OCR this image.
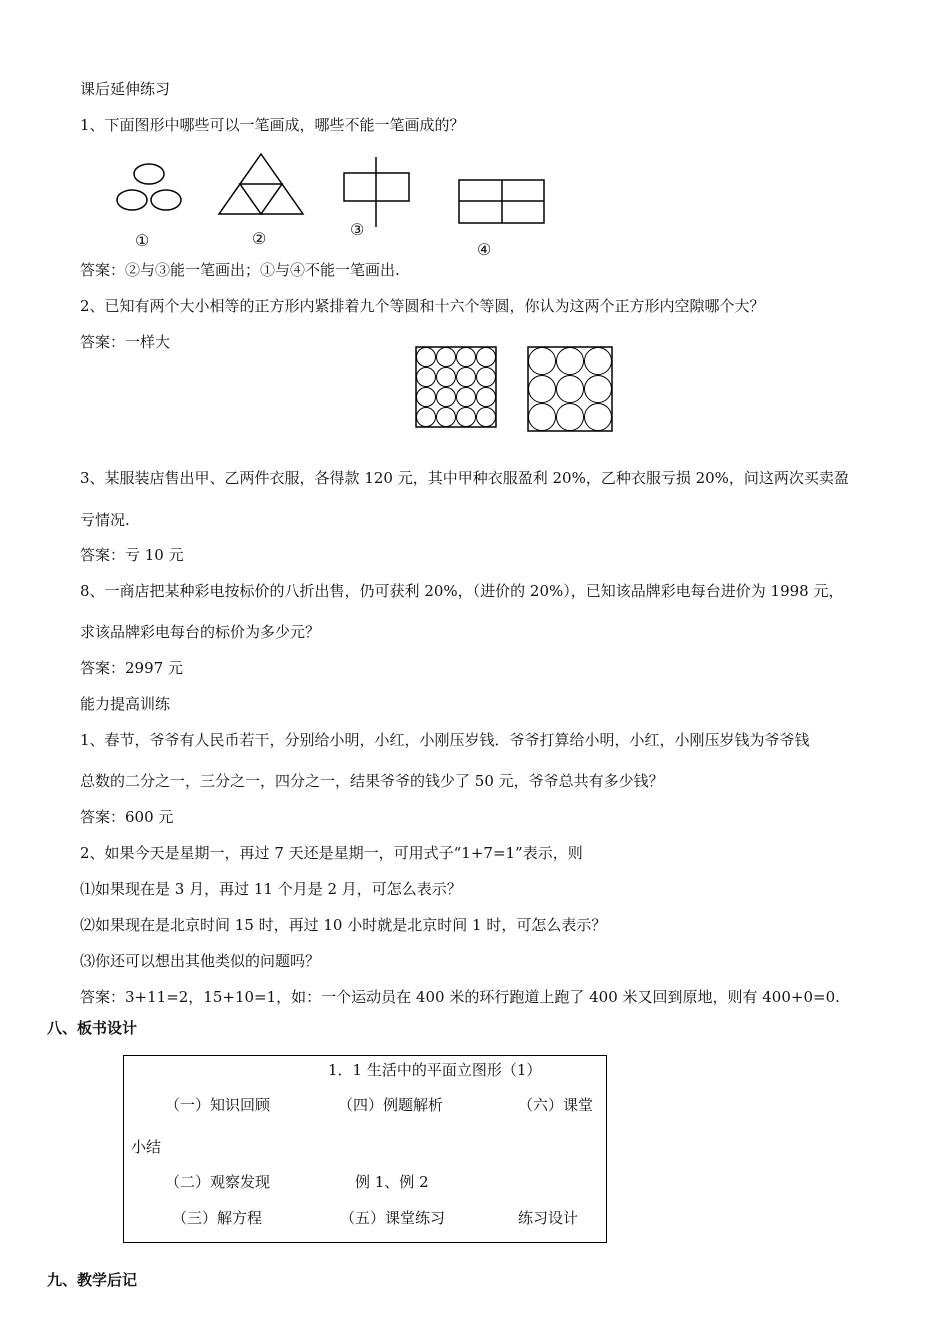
课后延伸练习
1、下面图形中哪些可以一笔画成，哪些不能一笔画成的？
①	②	③
④
答案：②与③能一笔画出；①与④不能一笔画出.
2、已知有两个大小相等的正方形内紧排着九个等圆和十六个等圆，你认为这两个正方形内空隙哪个大？
答案：一样大
3、某服装店售出甲、乙两件衣服，各得款 120 元，其中甲种衣服盈利 20%，乙种衣服亏损 20%，问这两次买卖盈
亏情况.
答案：亏 10 元
8、一商店把某种彩电按标价的八折出售，仍可获利 20%，（进价的 20%），已知该品牌彩电每台进价为 1998 元，
求该品牌彩电每台的标价为多少元？
答案：2997 元
能力提高训练
1、春节，爷爷有人民币若干，分别给小明，小红，小刚压岁钱．爷爷打算给小明，小红，小刚压岁钱为爷爷钱
总数的二分之一，三分之一，四分之一，结果爷爷的钱少了 50 元，爷爷总共有多少钱？
答案：600 元
2、如果今天是星期一，再过 7 天还是星期一，可用式子“1+7=1”表示，则
⑴如果现在是 3 月，再过 11 个月是 2 月，可怎么表示？
⑵如果现在是北京时间 15 时，再过 10 小时就是北京时间 1 时，可怎么表示？
⑶你还可以想出其他类似的问题吗？
答案：3+11=2，15+10=1，如：一个运动员在 400 米的环行跑道上跑了 400 米又回到原地，则有 400+0=0.
八、板书设计
1．1 生活中的平面立图形（1）
（一）知识回顾	（四）例题解析	（六）课堂
小结
（二）观察发现	例 1、例 2
（三）解方程	（五）课堂练习	练习设计
九、教学后记
